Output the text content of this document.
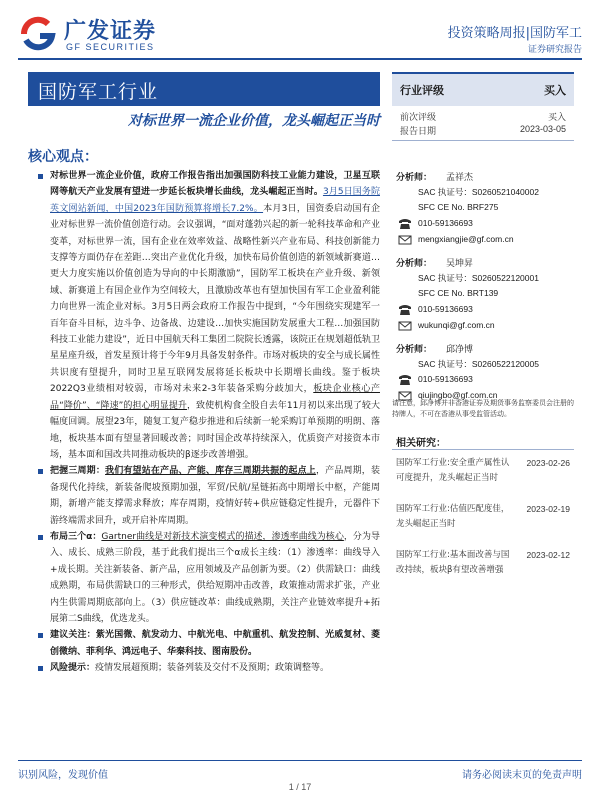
广发证券
GF SECURITIES
投资策略周报|国防军工
证券研究报告
国防军工行业
对标世界一流企业价值，龙头崛起正当时
行业评级	买入
前次评级	买入
报告日期	2023-03-05
核心观点：
对标世界一流企业价值，政府工作报告指出加强国防科技工业能力建设，卫星互联网等航天产业发展有望进一步延长板块增长曲线，龙头崛起正当时。3月5日国务院英文网站新闻，中国2023年国防预算将增长7.2%。本月3日，国资委启动国有企业对标世界一流价值创造行动。会议强调，“面对蓬勃兴起的新一轮科技革命和产业变革，对标世界一流，国有企业在效率效益、战略性新兴产业布局、科技创新能力支撑等方面仍存在差距…突出产业优化升级，加快布局价值创造的新领域新赛道…更大力度实施以价值创造为导向的中长期激励”，国防军工板块在产业升级、新领域、新赛道上有国企业作为空间较大，且激励改革也有望加快国有军工企业盈利能力向世界一流企业对标。3月5日两会政府工作报告中提到，“今年围绕实现建军一百年奋斗目标，边斗争、边备战、边建设…加快实施国防发展重大工程…加强国防科技工业能力建设”，近日中国航天科工集团二院院长透露，该院正在规划超低轨卫星星座升级，首发星预计将于今年9月具备发射条件。市场对板块的安全与成长属性共识度有望提升，同时卫星互联网发展将延长板块中长期增长曲线。鉴于板块2022Q3业绩相对较弱，市场对未来2-3年装备采购分歧加大，板块企业核心产品“降价”、“降速”的担心明显提升，致使机构食全股自去年11月初以来出现了较大幅度回调。展望23年，随复工复产稳步推进和后续新一轮采购订单预期的明朗、落地，板块基本面有望显著回暖改善；同时国企改革持续深入，优质资产对接资本市场，基本面和国改共同推动板块的β逐步改善增强。
把握三周期：我们有望站在产品、产能、库存三周期共振的起点上，产品周期，装备现代化持续，新装备爬坡预期加强，军贸/民航/星链拓高中期增长中枢，产能周期，新增产能支撑需求释放；库存周期，疫情好转+供应链稳定性提升，元器件下游终端需求回升，或开启补库周期。
布局三个α：Gartner曲线是对新技术演变模式的描述，渗透率曲线为核心，分为导入、成长、成熟三阶段，基于此我们提出三个α成长主线：（1）渗透率：曲线导入+成长期。关注新装备、新产品，应用领域及产品创新为要。（2）供需缺口：曲线成熟期，布局供需缺口的三种形式，供给短期冲击改善，政策推动需求扩张，产业内生供需周期底部向上。（3）供应链改革：曲线成熟期，关注产业链效率提升+拓展第二S曲线，优选龙头。
建议关注：紫光国微、航发动力、中航光电、中航重机、航发控制、光威复材、菱创微纳、菲利华、鸿远电子、华秦科技、图南股份。
风险提示：疫情发展超预期；装备列装及交付不及预期；政策调整等。
分析师： 孟祥杰
SAC 执证号：S0260521040002
SFC CE No. BRF275
010-59136693
mengxiangjie@gf.com.cn
分析师： 吴坤昇
SAC 执证号：S0260522120001
SFC CE No. BRT139
010-59136693
wukunqi@gf.com.cn
分析师： 邱净博
SAC 执证号：S0260522120005
010-59136693
qiujingbo@gf.com.cn
请注意，邱净博并非香港证券及期货事务监察委员会注册的持牌人，不可在香港从事受监管活动。
相关研究：
国防军工行业:安全重产属性认可度提升，龙头崛起正当时
2023-02-26
国防军工行业:估值匹配度佳，龙头崛起正当时
2023-02-19
国防军工行业:基本面改善与国改持续，板块β有望改善增强
2023-02-12
识别风险，发现价值	请务必阅读末页的免责声明
1 / 17
